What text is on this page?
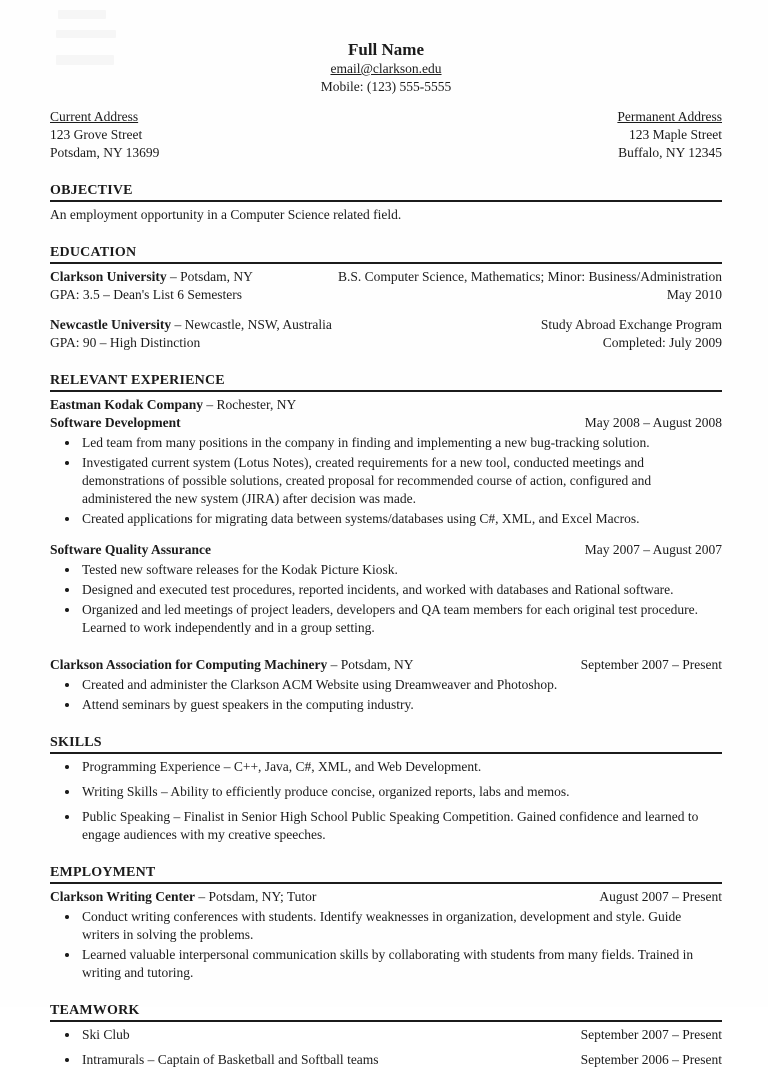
Full Name
email@clarkson.edu
Mobile: (123) 555-5555
Current Address
123 Grove Street
Potsdam, NY 13699
Permanent Address
123 Maple Street
Buffalo, NY 12345
OBJECTIVE
An employment opportunity in a Computer Science related field.
EDUCATION
Clarkson University – Potsdam, NY	B.S. Computer Science, Mathematics; Minor: Business/Administration
GPA: 3.5 – Dean's List 6 Semesters	May 2010
Newcastle University – Newcastle, NSW, Australia	Study Abroad Exchange Program
GPA: 90 – High Distinction	Completed: July 2009
RELEVANT EXPERIENCE
Eastman Kodak Company – Rochester, NY
Software Development	May 2008 – August 2008
• Led team from many positions in the company in finding and implementing a new bug-tracking solution.
• Investigated current system (Lotus Notes), created requirements for a new tool, conducted meetings and demonstrations of possible solutions, created proposal for recommended course of action, configured and administered the new system (JIRA) after decision was made.
• Created applications for migrating data between systems/databases using C#, XML, and Excel Macros.
Software Quality Assurance	May 2007 – August 2007
• Tested new software releases for the Kodak Picture Kiosk.
• Designed and executed test procedures, reported incidents, and worked with databases and Rational software.
• Organized and led meetings of project leaders, developers and QA team members for each original test procedure. Learned to work independently and in a group setting.
Clarkson Association for Computing Machinery – Potsdam, NY	September 2007 – Present
• Created and administer the Clarkson ACM Website using Dreamweaver and Photoshop.
• Attend seminars by guest speakers in the computing industry.
SKILLS
• Programming Experience – C++, Java, C#, XML, and Web Development.
• Writing Skills – Ability to efficiently produce concise, organized reports, labs and memos.
• Public Speaking – Finalist in Senior High School Public Speaking Competition. Gained confidence and learned to engage audiences with my creative speeches.
EMPLOYMENT
Clarkson Writing Center – Potsdam, NY; Tutor	August 2007 – Present
• Conduct writing conferences with students. Identify weaknesses in organization, development and style. Guide writers in solving the problems.
• Learned valuable interpersonal communication skills by collaborating with students from many fields. Trained in writing and tutoring.
TEAMWORK
• Ski Club	September 2007 – Present
• Intramurals – Captain of Basketball and Softball teams	September 2006 – Present
